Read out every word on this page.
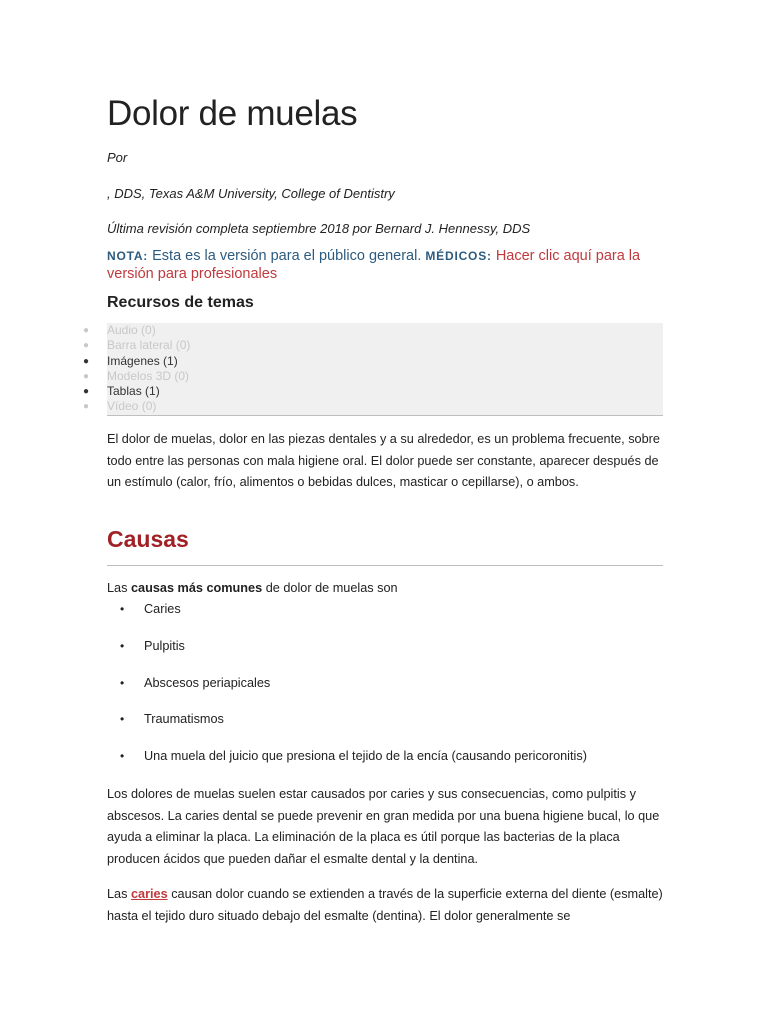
Dolor de muelas

Por

, DDS, Texas A&M University, College of Dentistry

Última revisión completa septiembre 2018 por Bernard J. Hennessy, DDS

NOTA: Esta es la versión para el público general. MÉDICOS: Hacer clic aquí para la versión para profesionales

Recursos de temas
● Audio (0)
● Barra lateral (0)
● Imágenes (1)
● Modelos 3D (0)
● Tablas (1)
● Vídeo (0)

El dolor de muelas, dolor en las piezas dentales y a su alrededor, es un problema frecuente, sobre todo entre las personas con mala higiene oral. El dolor puede ser constante, aparecer después de un estímulo (calor, frío, alimentos o bebidas dulces, masticar o cepillarse), o ambos.

Causas

Las causas más comunes de dolor de muelas son

• Caries
• Pulpitis
• Abscesos periapicales
• Traumatismos
• Una muela del juicio que presiona el tejido de la encía (causando pericoronitis)

Los dolores de muelas suelen estar causados por caries y sus consecuencias, como pulpitis y abscesos. La caries dental se puede prevenir en gran medida por una buena higiene bucal, lo que ayuda a eliminar la placa. La eliminación de la placa es útil porque las bacterias de la placa producen ácidos que pueden dañar el esmalte dental y la dentina.

Las caries causan dolor cuando se extienden a través de la superficie externa del diente (esmalte) hasta el tejido duro situado debajo del esmalte (dentina). El dolor generalmente se
